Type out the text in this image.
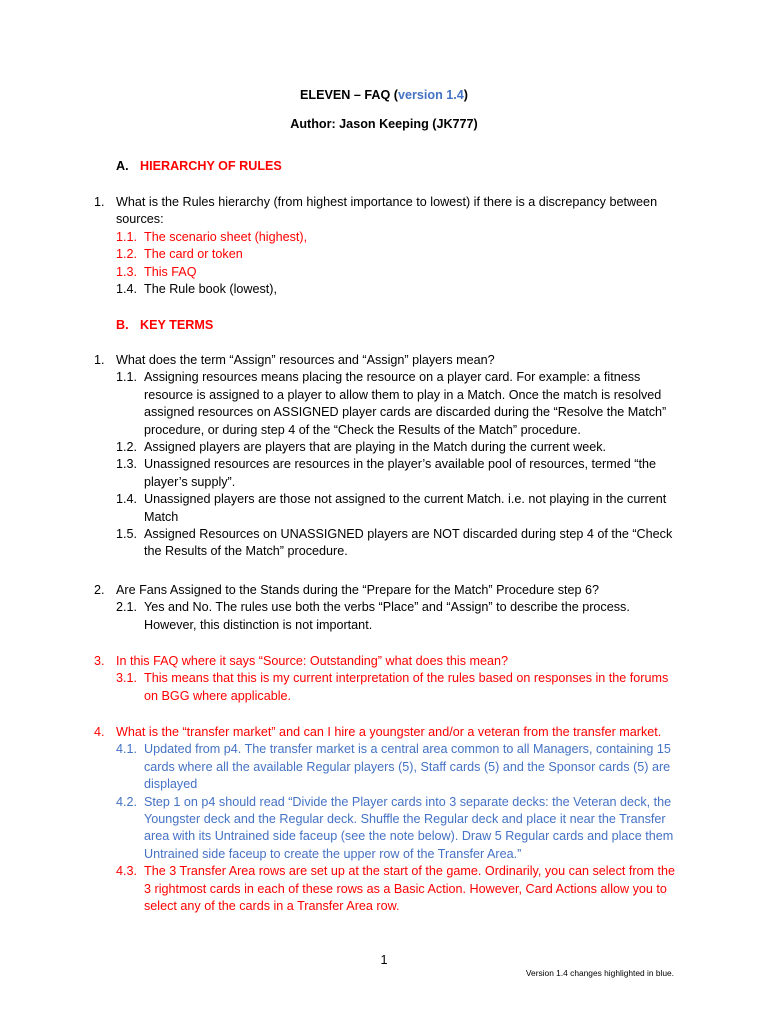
ELEVEN – FAQ (version 1.4)
Author: Jason Keeping (JK777)
A. HIERARCHY OF RULES
1. What is the Rules hierarchy (from highest importance to lowest) if there is a discrepancy between sources:
1.1. The scenario sheet (highest),
1.2. The card or token
1.3. This FAQ
1.4. The Rule book (lowest),
B. KEY TERMS
1. What does the term “Assign” resources and “Assign” players mean?
1.1. Assigning resources means placing the resource on a player card. For example: a fitness resource is assigned to a player to allow them to play in a Match. Once the match is resolved assigned resources on ASSIGNED player cards are discarded during the “Resolve the Match” procedure, or during step 4 of the “Check the Results of the Match” procedure.
1.2. Assigned players are players that are playing in the Match during the current week.
1.3. Unassigned resources are resources in the player’s available pool of resources, termed “the player’s supply”.
1.4. Unassigned players are those not assigned to the current Match. i.e. not playing in the current Match
1.5. Assigned Resources on UNASSIGNED players are NOT discarded during step 4 of the “Check the Results of the Match” procedure.
2. Are Fans Assigned to the Stands during the “Prepare for the Match” Procedure step 6?
2.1. Yes and No. The rules use both the verbs “Place” and “Assign” to describe the process. However, this distinction is not important.
3. In this FAQ where it says “Source: Outstanding” what does this mean?
3.1. This means that this is my current interpretation of the rules based on responses in the forums on BGG where applicable.
4. What is the “transfer market” and can I hire a youngster and/or a veteran from the transfer market.
4.1. Updated from p4. The transfer market is a central area common to all Managers, containing 15 cards where all the available Regular players (5), Staff cards (5) and the Sponsor cards (5) are displayed
4.2. Step 1 on p4 should read “Divide the Player cards into 3 separate decks: the Veteran deck, the Youngster deck and the Regular deck. Shuffle the Regular deck and place it near the Transfer area with its Untrained side faceup (see the note below). Draw 5 Regular cards and place them Untrained side faceup to create the upper row of the Transfer Area.”
4.3. The 3 Transfer Area rows are set up at the start of the game. Ordinarily, you can select from the 3 rightmost cards in each of these rows as a Basic Action. However, Card Actions allow you to select any of the cards in a Transfer Area row.
1
Version 1.4 changes highlighted in blue.
